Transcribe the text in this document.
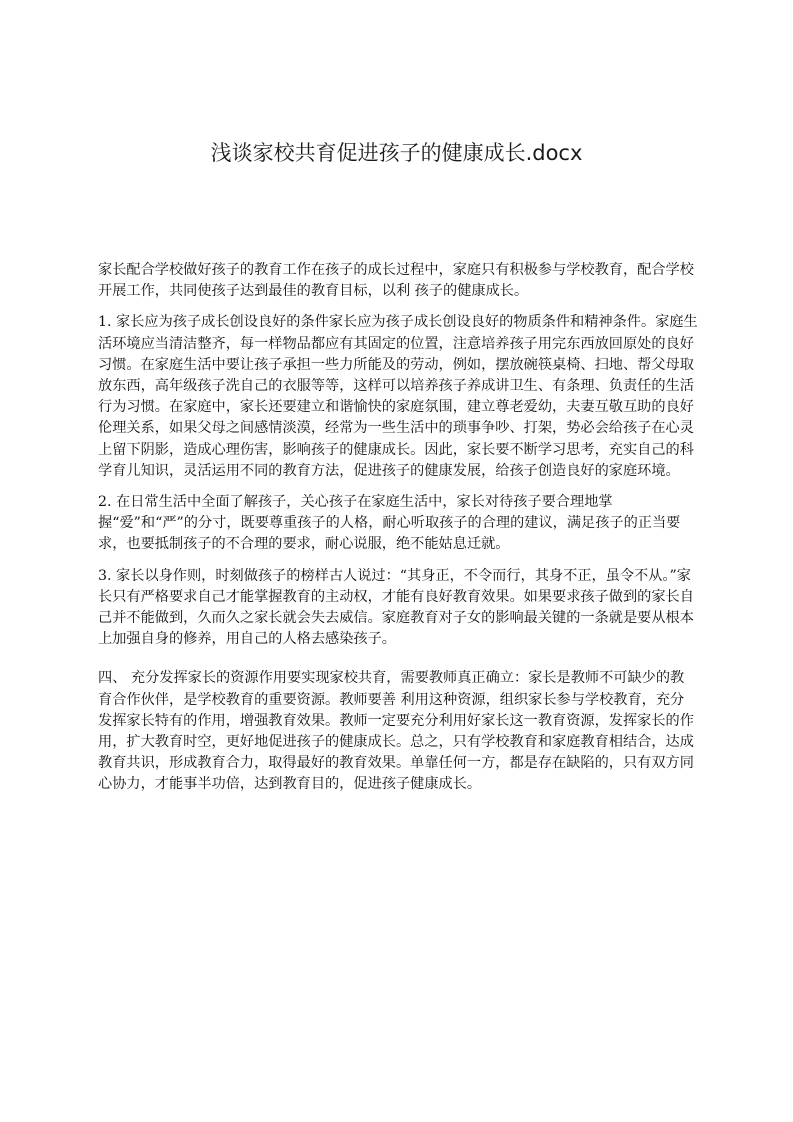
浅谈家校共育促进孩子的健康成长.docx

家长配合学校做好孩子的教育工作在孩子的成长过程中，家庭只有积极参与学校教育，配合学校开展工作，共同使孩子达到最佳的教育目标，以利 孩子的健康成长。

1. 家长应为孩子成长创设良好的条件家长应为孩子成长创设良好的物质条件和精神条件。家庭生活环境应当清洁整齐，每一样物品都应有其固定的位置，注意培养孩子用完东西放回原处的良好习惯。在家庭生活中要让孩子承担一些力所能及的劳动，例如，摆放碗筷桌椅、扫地、帮父母取放东西，高年级孩子洗自己的衣服等等，这样可以培养孩子养成讲卫生、有条理、负责任的生活行为习惯。在家庭中，家长还要建立和谐愉快的家庭氛围，建立尊老爱幼，夫妻互敬互助的良好伦理关系，如果父母之间感情淡漠，经常为一些生活中的琐事争吵、打架，势必会给孩子在心灵上留下阴影，造成心理伤害，影响孩子的健康成长。因此，家长要不断学习思考，充实自己的科学育儿知识，灵活运用不同的教育方法，促进孩子的健康发展，给孩子创造良好的家庭环境。

2. 在日常生活中全面了解孩子，关心孩子在家庭生活中，家长对待孩子要合理地掌握“爱”和“严”的分寸，既要尊重孩子的人格，耐心听取孩子的合理的建议，满足孩子的正当要求，也要抵制孩子的不合理的要求，耐心说服，绝不能姑息迁就。

3. 家长以身作则，时刻做孩子的榜样古人说过：“其身正，不令而行，其身不正，虽令不从。”家长只有严格要求自己才能掌握教育的主动权，才能有良好教育效果。如果要求孩子做到的家长自己并不能做到，久而久之家长就会失去威信。家庭教育对子女的影响最关键的一条就是要从根本上加强自身的修养，用自己的人格去感染孩子。

四、 充分发挥家长的资源作用要实现家校共育，需要教师真正确立：家长是教师不可缺少的教育合作伙伴，是学校教育的重要资源。教师要善 利用这种资源，组织家长参与学校教育，充分发挥家长特有的作用，增强教育效果。教师一定要充分利用好家长这一教育资源，发挥家长的作用，扩大教育时空，更好地促进孩子的健康成长。总之，只有学校教育和家庭教育相结合，达成教育共识，形成教育合力，取得最好的教育效果。单靠任何一方，都是存在缺陷的，只有双方同心协力，才能事半功倍，达到教育目的，促进孩子健康成长。
